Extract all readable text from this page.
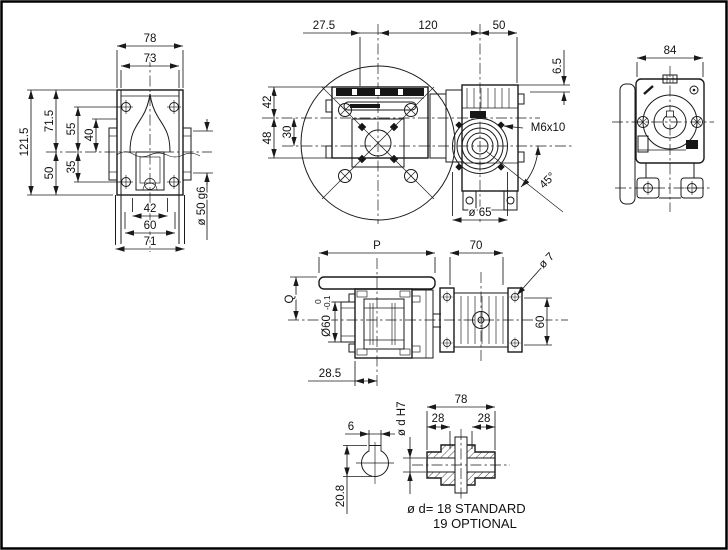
78
73
121.5
71.5
50
55
35
40
42
60
71
ø 50 g6
27.5	120	50
6.5
42
48 30	M6x10
ø 65
45°
84
P	70
ø 7
Q
Ø60
0 -0.1
60
28.5
6
20.8
78
28	28
ø d H7
ø d= 18 STANDARD
19 OPTIONAL
